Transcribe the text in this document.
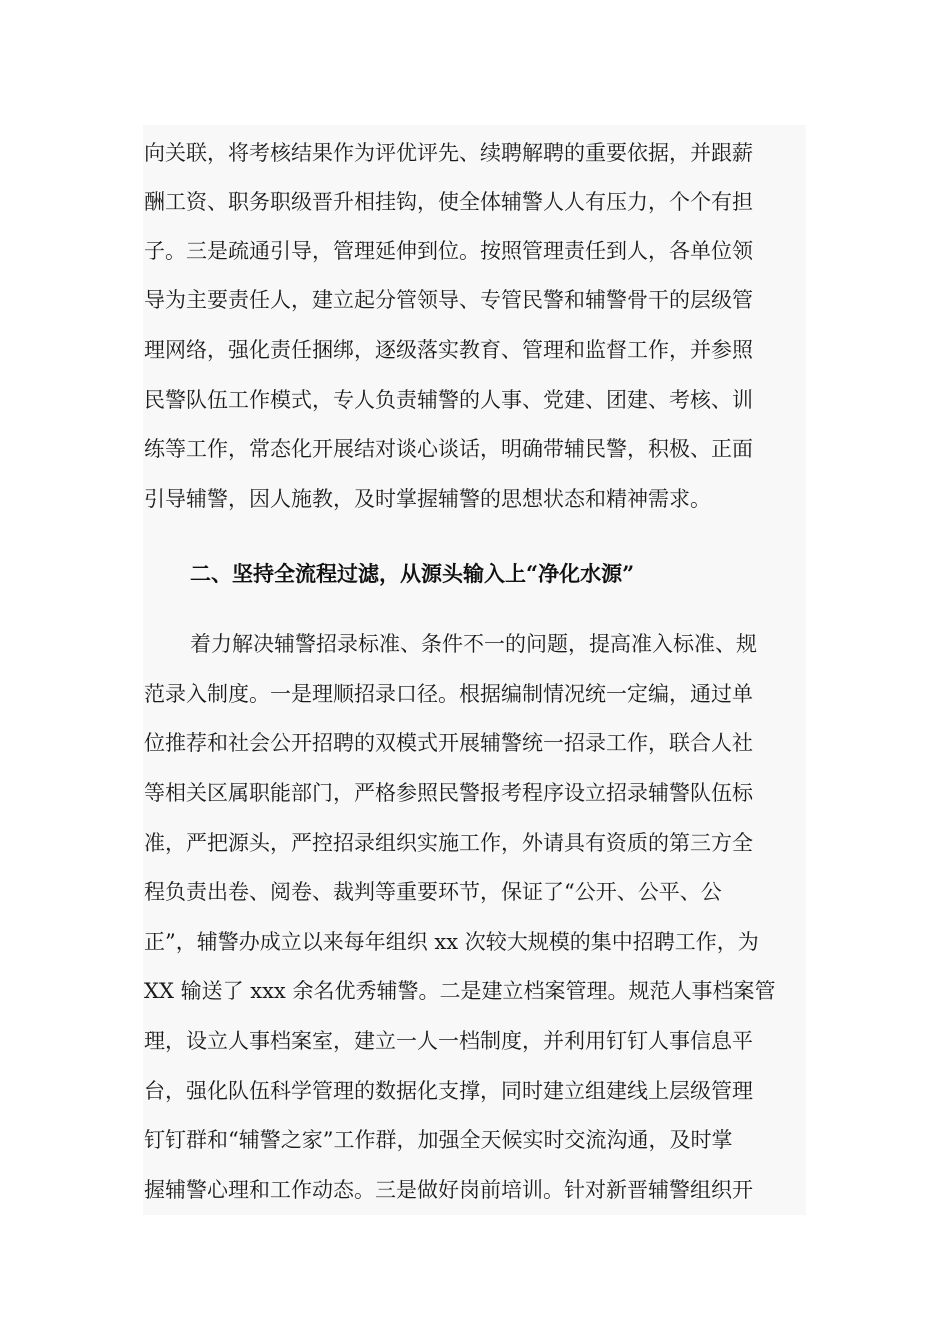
向关联，将考核结果作为评优评先、续聘解聘的重要依据，并跟薪
酬工资、职务职级晋升相挂钩，使全体辅警人人有压力，个个有担
子。三是疏通引导，管理延伸到位。按照管理责任到人，各单位领
导为主要责任人，建立起分管领导、专管民警和辅警骨干的层级管
理网络，强化责任捆绑，逐级落实教育、管理和监督工作，并参照
民警队伍工作模式，专人负责辅警的人事、党建、团建、考核、训
练等工作，常态化开展结对谈心谈话，明确带辅民警，积极、正面
引导辅警，因人施教，及时掌握辅警的思想状态和精神需求。
二、坚持全流程过滤，从源头输入上“净化水源”
着力解决辅警招录标准、条件不一的问题，提高准入标准、规
范录入制度。一是理顺招录口径。根据编制情况统一定编，通过单
位推荐和社会公开招聘的双模式开展辅警统一招录工作，联合人社
等相关区属职能部门，严格参照民警报考程序设立招录辅警队伍标
准，严把源头，严控招录组织实施工作，外请具有资质的第三方全
程负责出卷、阅卷、裁判等重要环节，保证了“公开、公平、公
正”，辅警办成立以来每年组织 xx 次较大规模的集中招聘工作，为
XX 输送了 xxx 余名优秀辅警。二是建立档案管理。规范人事档案管
理，设立人事档案室，建立一人一档制度，并利用钉钉人事信息平
台，强化队伍科学管理的数据化支撑，同时建立组建线上层级管理
钉钉群和“辅警之家”工作群，加强全天候实时交流沟通，及时掌
握辅警心理和工作动态。三是做好岗前培训。针对新晋辅警组织开
